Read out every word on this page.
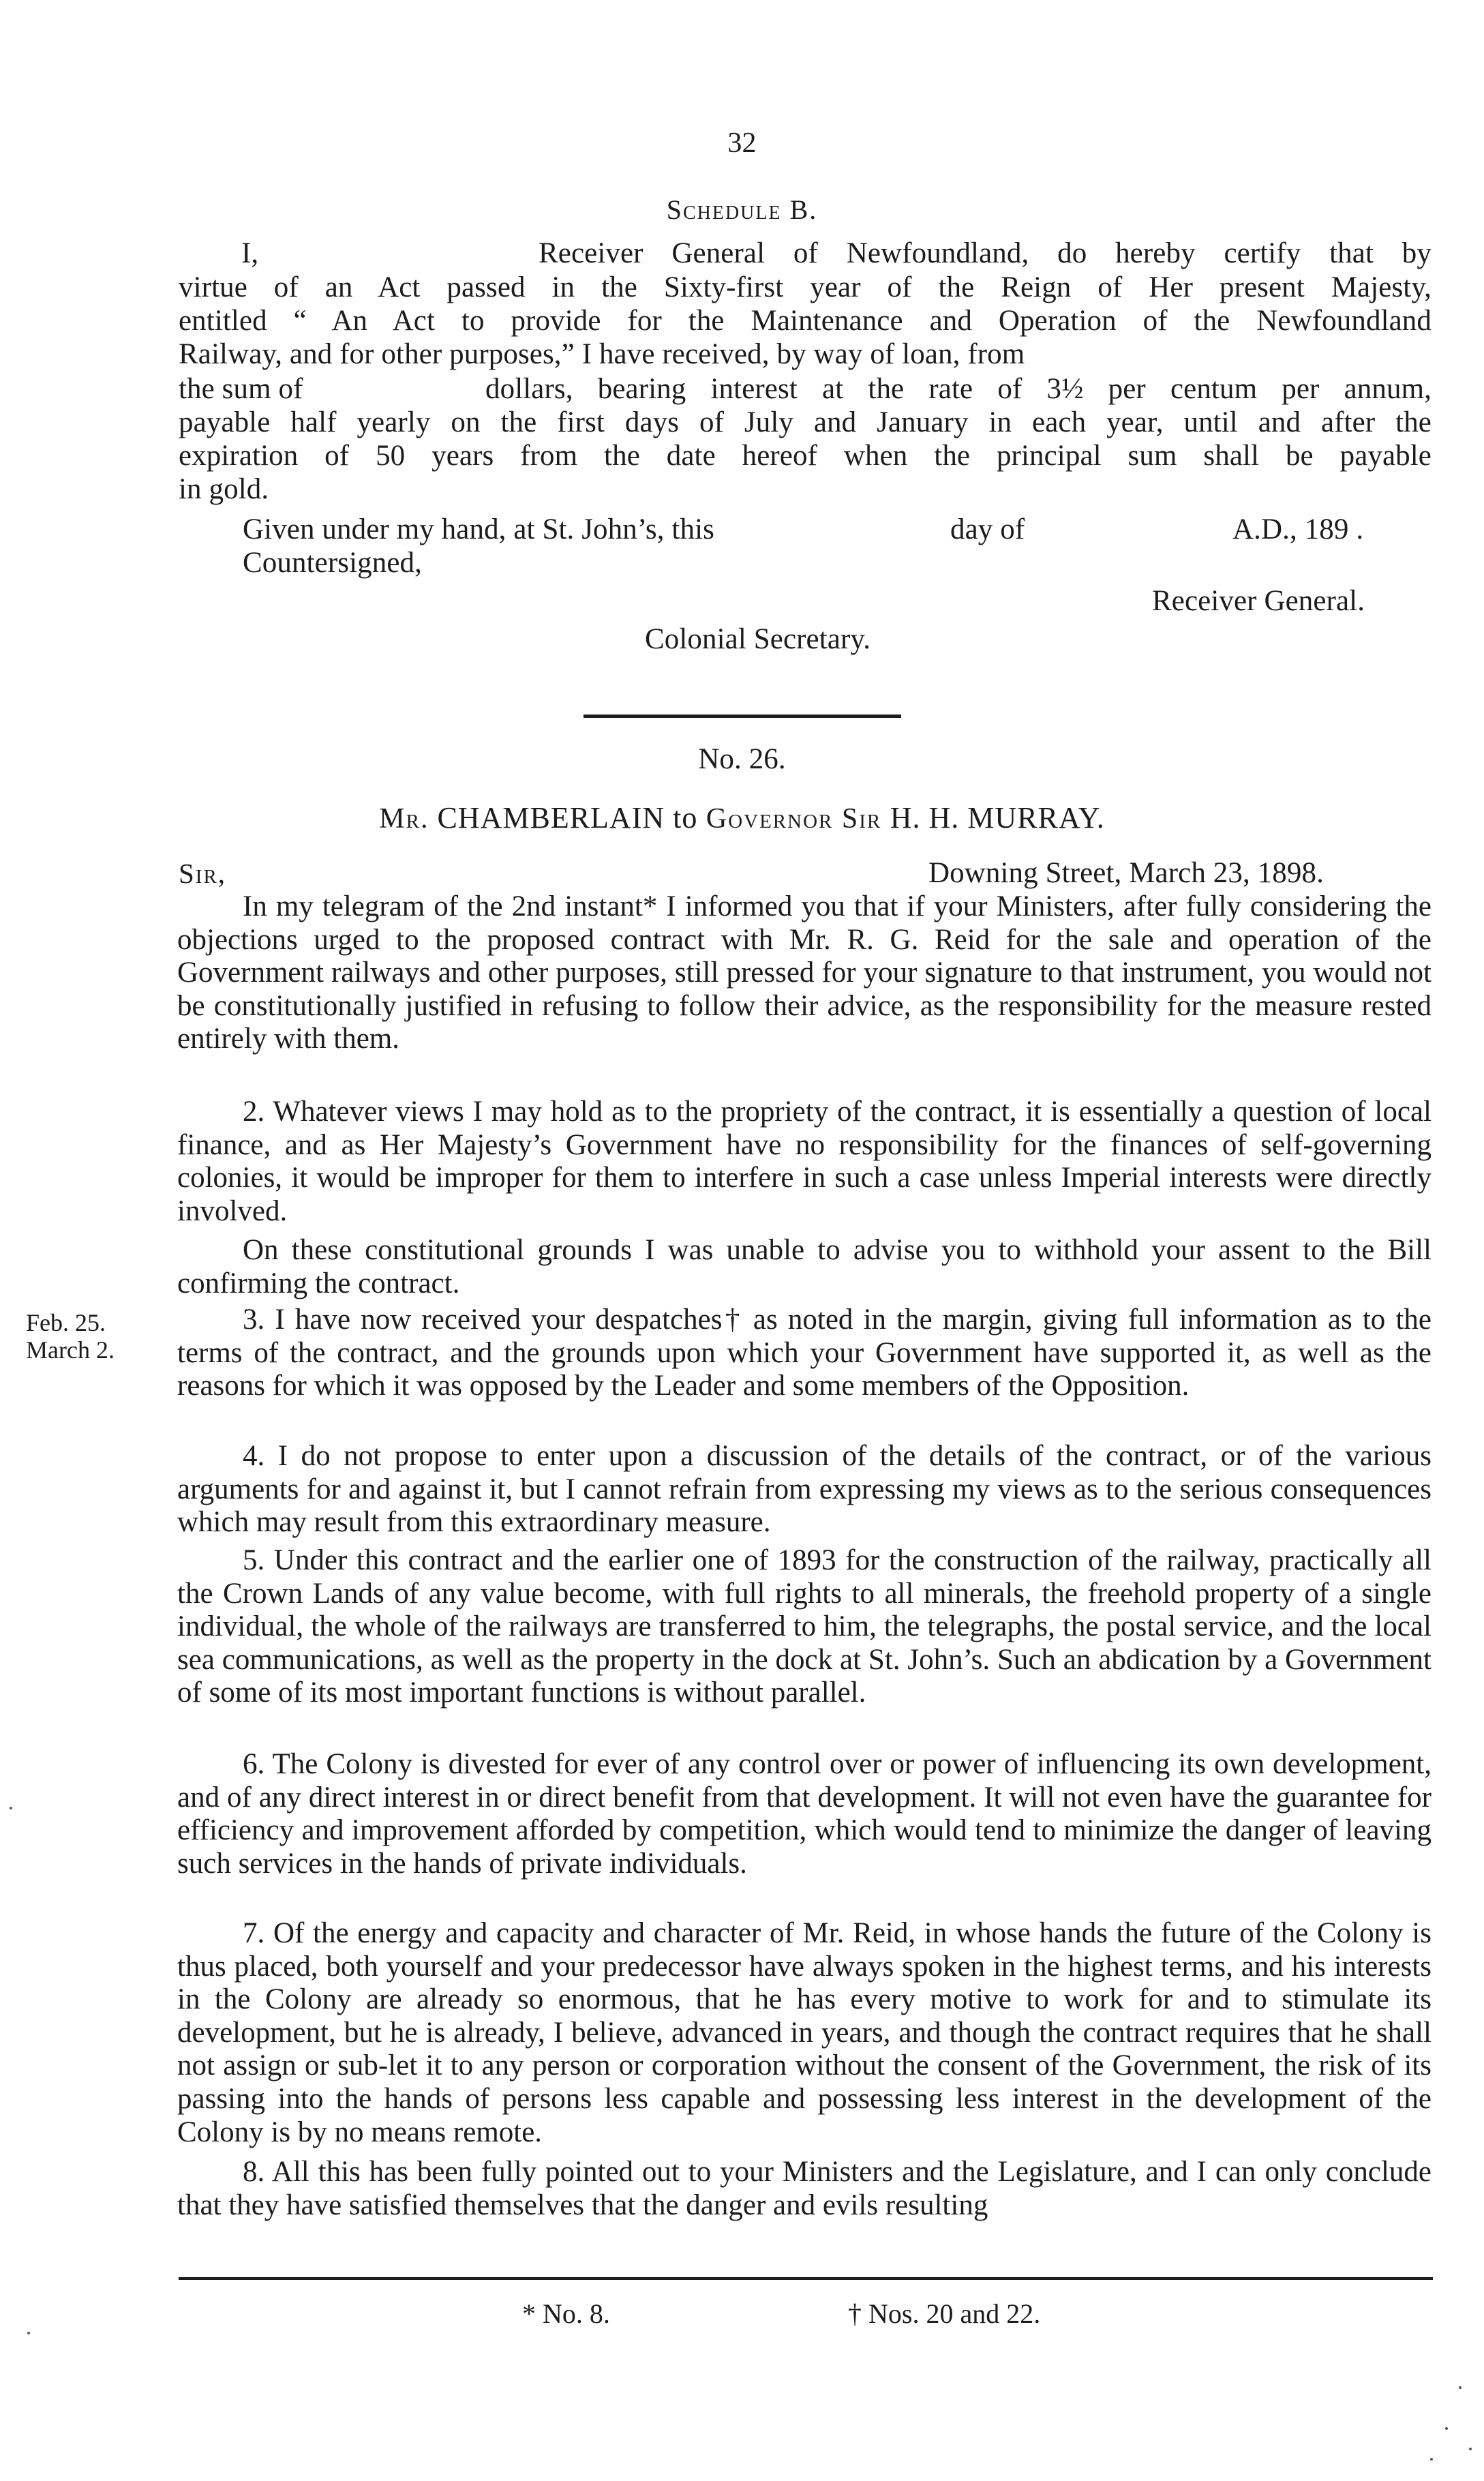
32
Schedule B.
I,	Receiver General of Newfoundland, do hereby certify that by
virtue of an Act passed in the Sixty-first year of the Reign of Her present Majesty,
entitled “ An Act to provide for the Maintenance and Operation of the Newfoundland
Railway, and for other purposes,” I have received, by way of loan, from
the sum of	dollars, bearing interest at the rate of 3½ per centum per annum,
payable half yearly on the first days of July and January in each year, until and after the
expiration of 50 years from the date hereof when the principal sum shall be payable
in gold.
Given under my hand, at St. John’s, this	day of	A.D., 189 .
Countersigned,
Receiver General.
Colonial Secretary.
No. 26.
Mr. CHAMBERLAIN to Governor Sir H. H. MURRAY.
Sir,	Downing Street, March 23, 1898.
In my telegram of the 2nd instant* I informed you that if your Ministers, after fully considering the objections urged to the proposed contract with Mr. R. G. Reid for the sale and operation of the Government railways and other purposes, still pressed for your signature to that instrument, you would not be constitutionally justified in refusing to follow their advice, as the responsibility for the measure rested entirely with them.
2. Whatever views I may hold as to the propriety of the contract, it is essentially a question of local finance, and as Her Majesty’s Government have no responsibility for the finances of self-governing colonies, it would be improper for them to interfere in such a case unless Imperial interests were directly involved.
On these constitutional grounds I was unable to advise you to withhold your assent to the Bill confirming the contract.
3. I have now received your despatches† as noted in the margin, giving full information as to the terms of the contract, and the grounds upon which your Government have supported it, as well as the reasons for which it was opposed by the Leader and some members of the Opposition.
4. I do not propose to enter upon a discussion of the details of the contract, or of the various arguments for and against it, but I cannot refrain from expressing my views as to the serious consequences which may result from this extraordinary measure.
5. Under this contract and the earlier one of 1893 for the construction of the railway, practically all the Crown Lands of any value become, with full rights to all minerals, the freehold property of a single individual, the whole of the railways are transferred to him, the telegraphs, the postal service, and the local sea communications, as well as the property in the dock at St. John’s. Such an abdication by a Government of some of its most important functions is without parallel.
6. The Colony is divested for ever of any control over or power of influencing its own development, and of any direct interest in or direct benefit from that development. It will not even have the guarantee for efficiency and improvement afforded by competition, which would tend to minimize the danger of leaving such services in the hands of private individuals.
7. Of the energy and capacity and character of Mr. Reid, in whose hands the future of the Colony is thus placed, both yourself and your predecessor have always spoken in the highest terms, and his interests in the Colony are already so enormous, that he has every motive to work for and to stimulate its development, but he is already, I believe, advanced in years, and though the contract requires that he shall not assign or sub-let it to any person or corporation without the consent of the Government, the risk of its passing into the hands of persons less capable and possessing less interest in the development of the Colony is by no means remote.
8. All this has been fully pointed out to your Ministers and the Legislature, and I can only conclude that they have satisfied themselves that the danger and evils resulting
Feb. 25.
March 2.
* No. 8.	† Nos. 20 and 22.
